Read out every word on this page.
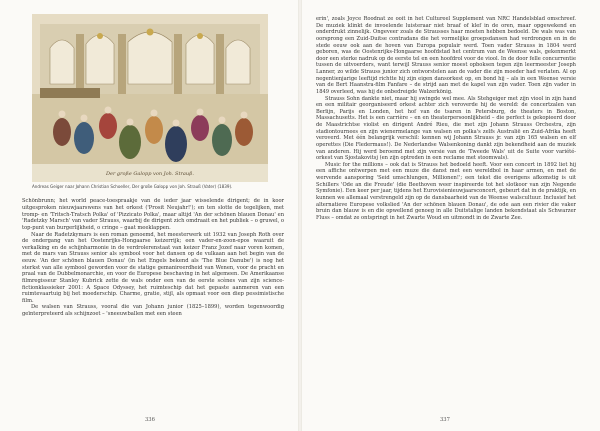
Der große Galopp von Joh. Strauß.
Andreas Geiger naar Johann Christian Schoeller, Der große Galopp von Joh. Strauß (Vater) (1839).

Schönbrunn; het world peace-toespraakje van de ieder jaar wisselende dirigent; de in koor uitgesproken nieuwjaarswens van het orkest ('Prosit Neujahr!'); en ten slotte de tegelijken, met tromp- en 'Tritsch-Tratsch Polka' of 'Pizzicato Polka', maar altijd 'An der schönen blauen Donau' en 'Radetzky Marsch' van vader Strauss, waarbij de dirigent zich omdraait en het publiek – o gruwel, o top-punt van burgerlijkheid, o cringe – gaat meeklappen.

Naar de Radetzkymars is een roman genoemd, het meesterwerk uit 1932 van Joseph Roth over de ondergang van het Oostenrijks-Hongaarse keizerrijk; een vader-en-zoon-epos waaruit de verkalking en de schijnharmonie in de verdrolerenstaat van keizer Franz Jozef naar voren komen, met de mars van Strauss senior als symbool voor het dansen op de vulkaan aan het begin van de eeuw. 'An der schönen blauen Donau' (in het Engels bekend als 'The Blue Danube') is nog het sterkst van alle symbool geworden voor de statige gemanireerdheid van Wenen, voor de pracht en praal van de Dubbelmonarchie, en voor de Europese beschaving in het algemeen. De Amerikaanse filmregisseur Stanley Kubrick zette de wals onder een van de eerste scènes van zijn science-fictionklassieker 2001: A Space Odyssey, het ruimteschip dat het gepaste aanmeren van een ruimtevaartuig bij het moederschip. Charme, gratie, stijl, als opmaat voor een diep pessimistische film.

De walsen van Strauss, vooral die van Johann junior (1825–1899), worden tegenwoordig geïnterpreteerd als schijnzoet – 'sneeuwballen met een steen

336

erin', zoals Joyce Roodnat ze ooit in het Cultureel Supplement van NRC Handelsblad omschreef. De muziek klinkt de invoelende luisteraar niet braaf of klef in de oren, maar opgewekend en onderdrukt zinnelijk. Ongeveer zoals de Strausses haar moeten hebben bedoeld. De wals was van oorsprong een Zuid-Duitse contradans die het vormelijke groepsdansen had verdrongen en in de stede eeuw ook aan de hoven van Europa populair werd. Toen vader Strauss in 1804 werd geboren, was de Oostenrijks-Hongaarse hoofdstad het centrum van de Weense wals, gekenmerkt door een sterke nadruk op de eerste tel en een hoofdrol voor de viool. In de door felle concurrentie tussen de uitvoerders, want terwijl Strauss senior moest opboksen tegen zijn leermeester Joseph Lanner, zo wilde Strauss junior zich ontworstelen aan de vader die zijn moeder had verlaten. Al op negentienjarige leeftijd richtte hij zijn eigen dansorkest op, en bond hij – als in een Weense versie van de Bert Haanstra-film Fanfare – de strijd aan met de kapel van zijn vader. Toen zijn vader in 1849 overleed, was hij de onbedreigde Walzerkönig.

Strauss Sohn dankte niet, maar hij swingde wel mee. Als Stehgeiger met zijn viool in zijn hand en een militair georganiseerd orkest achter zich veroverde hij de wereld: de concertzalen van Berlijn, Parijs en Londen, het hof van de tsaren in Petersburg, de theaters in Boston, Massachusetts. Het is een carrière – en en theaterpersoonlijkheid – die perfect is gekopieerd door de Maastrichtse violist en dirigent André Rieu, die met zijn Johann Strauss Orchestra, zijn stadiontournees en zijn wienermelange van walsen en polka's zelfs Australië en Zuid-Afrika heeft veroverd. Met één belangrijk verschil: kennen wij Johann Strauss jr. van zijn 165 walsen en elf operettes (Die Fledermaus!). De Nederlandse Walsenkoning dankt zijn bekendheid aan de muziek van anderen. Hij werd beroemd met zijn versie van de 'Tweede Wals' uit de Suite voor variété-orkest van Sjostakovitsj (en zijn optreden in een reclame met stoomwals).

Music for the millions – ook dat is Strauss het bedoeld heeft. Voor een concert in 1892 liet hij een affiche ontwerpen met een muze die danst met een wereldbol in haar armen, en met de wervende aansporing 'Seid umschlungen, Millionen!'; een tekst die overigens afkomstig is uit Schillers 'Ode an die Freude' (die Beethoven weer inspireerde tot het slotkoor van zijn Negende Symfonie). Een keer per jaar, tijdens het Eurovisienieuwjaarsconcert, gebeurt dat in de praktijk, en kunnen we allemaal verstrengeld zijn op de dansbaarheid van de Weense walscultuur. Inclusief het alternatieve Europese volkslied 'An der schönen blauen Donau', de ode aan een rivier die vaker bruin dan blauw is en die opwellend genoeg in alle Duitstalige landen bekendstaat als Schwarzer Fluss – omdat ze ontspringt in het Zwarte Woud en uitmondt in de Zwarte Zee.

337
